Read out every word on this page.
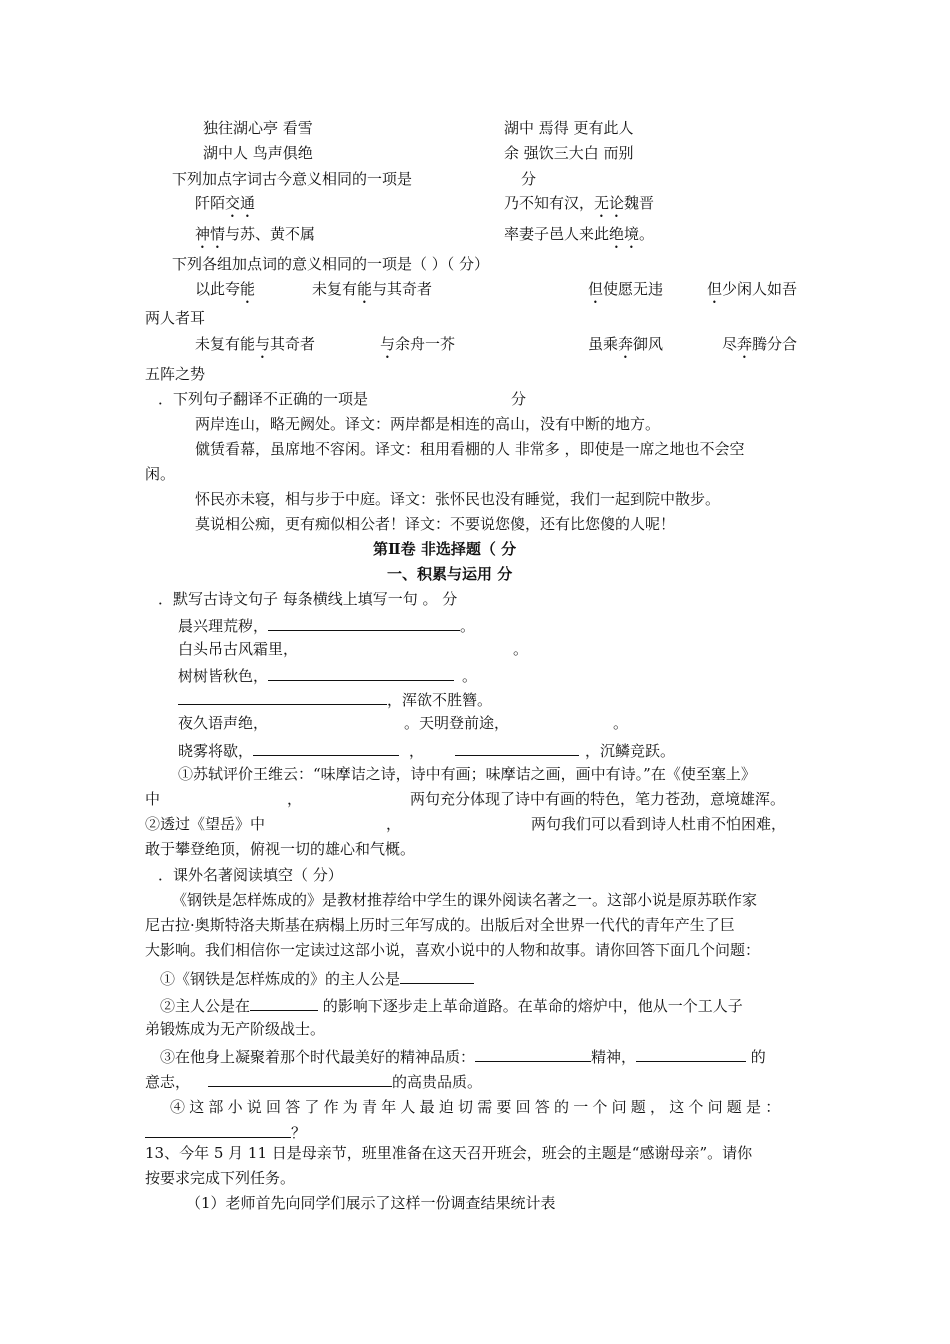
独往湖心亭 看雪	湖中 焉得 更有此人
湖中人 鸟声俱绝	余 强饮三大白 而别
下列加点字词古今意义相同的一项是	分
阡陌交通	乃不知有汉，无论魏晋
神情与苏、黄不属	率妻子邑人来此绝境。
下列各组加点词的意义相同的一项是（ ）（ 分）
以此夸能	未复有能与其奇者	但使愿无违	但少闲人如吾
两人者耳
未复有能与其奇者	与余舟一芥	虽乘奔御风	尽奔腾分合
五阵之势
．下列句子翻译不正确的一项是	分
两岸连山，略无阙处。译文：两岸都是相连的高山，没有中断的地方。
僦赁看幕，虽席地不容闲。译文：租用看棚的人 非常多 ，即使是一席之地也不会空
闲。
怀民亦未寝，相与步于中庭。译文：张怀民也没有睡觉，我们一起到院中散步。
莫说相公痴，更有痴似相公者！译文：不要说您傻，还有比您傻的人呢！
第Ⅱ卷 非选择题（ 分
一、积累与运用 分
．默写古诗文句子 每条横线上填写一句 。 分
晨兴理荒秽，	。
白头吊古风霜里，	。
树树皆秋色，	。
，浑欲不胜簪。
夜久语声绝，	。天明登前途，	。
晓雾将歇，	，	，沉鳞竞跃。
①苏轼评价王维云：“味摩诘之诗，诗中有画；味摩诘之画，画中有诗。”在《使至塞上》
中	，	两句充分体现了诗中有画的特色，笔力苍劲，意境雄浑。
②透过《望岳》中	，	两句我们可以看到诗人杜甫不怕困难，
敢于攀登绝顶，俯视一切的雄心和气概。
．课外名著阅读填空（ 分）
《钢铁是怎样炼成的》是教材推荐给中学生的课外阅读名著之一。这部小说是原苏联作家
尼古拉·奥斯特洛夫斯基在病榻上历时三年写成的。出版后对全世界一代代的青年产生了巨
大影响。我们相信你一定读过这部小说，喜欢小说中的人物和故事。请你回答下面几个问题：
①《钢铁是怎样炼成的》的主人公是
②主人公是在	的影响下逐步走上革命道路。在革命的熔炉中，他从一个工人子
弟锻炼成为无产阶级战士。
③在他身上凝聚着那个时代最美好的精神品质：	精神，	的
意志，	的高贵品质。
④这部小说回答了作为青年人最迫切需要回答的一个问题，这个问题是：
？
13、今年 5 月 11 日是母亲节，班里准备在这天召开班会，班会的主题是“感谢母亲”。请你
按要求完成下列任务。
（1）老师首先向同学们展示了这样一份调查结果统计表
